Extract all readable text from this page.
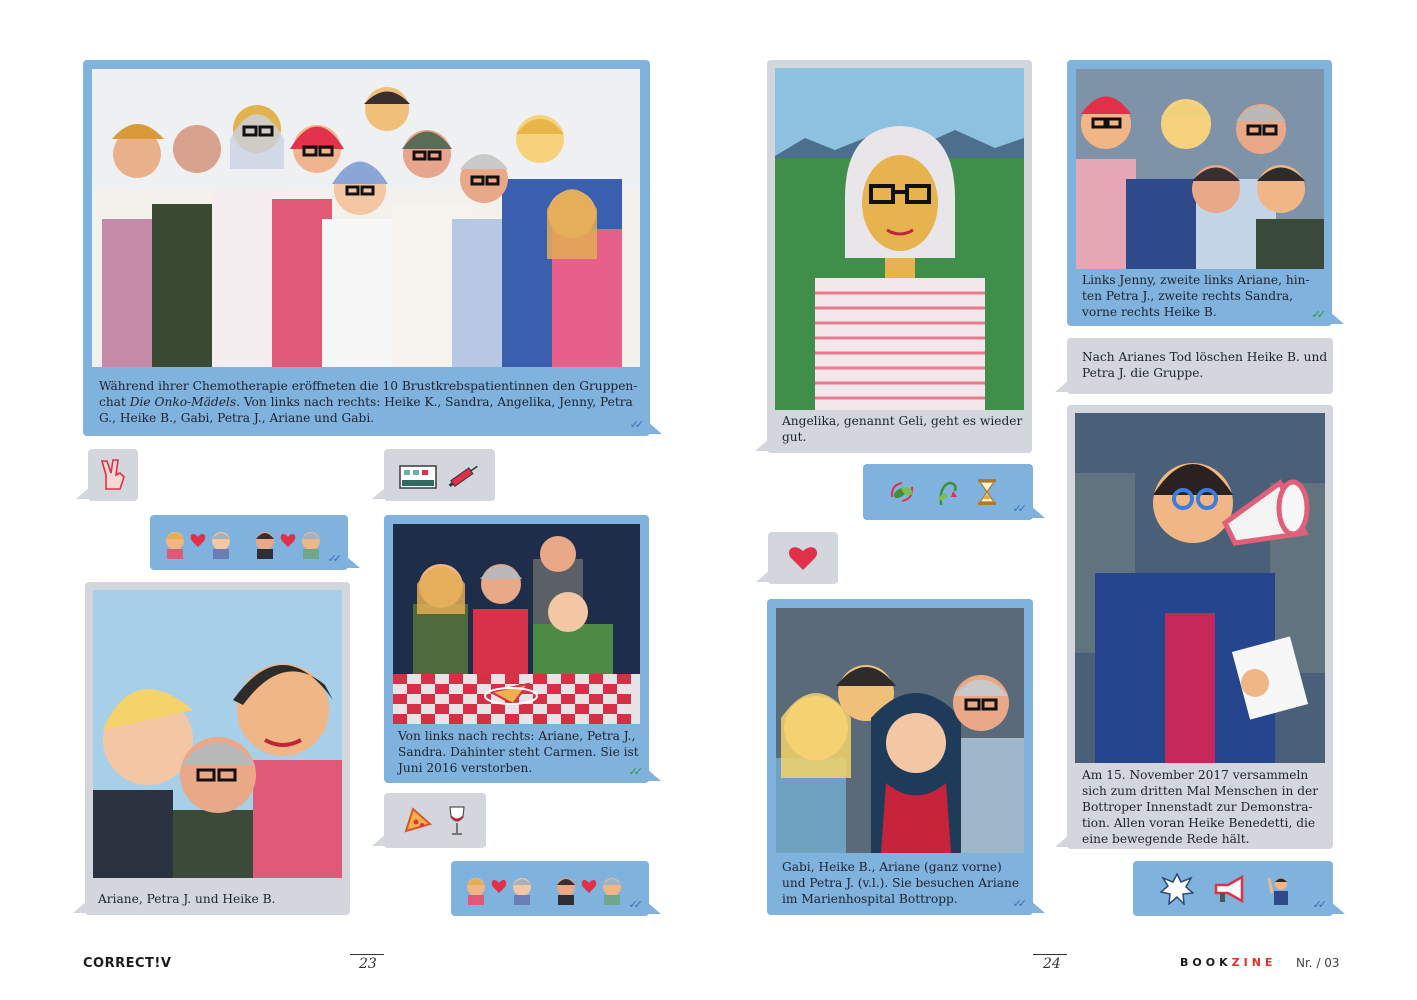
Während ihrer Chemotherapie eröffneten die 10 Brustkrebspatientinnen den Gruppen-
chat Die Onko-Mädels. Von links nach rechts: Heike K., Sandra, Angelika, Jenny, Petra
G., Heike B., Gabi, Petra J., Ariane und Gabi.	✓✓
✓✓
Ariane, Petra J. und Heike B.
Von links nach rechts: Ariane, Petra J.,
Sandra. Dahinter steht Carmen. Sie ist
Juni 2016 verstorben.	✓✓
✓✓
Angelika, genannt Geli, geht es wieder
gut.
✓✓
Gabi, Heike B., Ariane (ganz vorne)
und Petra J. (v.l.). Sie besuchen Ariane
im Marienhospital Bottropp.	✓✓
Links Jenny, zweite links Ariane, hin-
ten Petra J., zweite rechts Sandra,
vorne rechts Heike B.	✓✓
Nach Arianes Tod löschen Heike B. und
Petra J. die Gruppe.
Am 15. November 2017 versammeln
sich zum dritten Mal Menschen in der
Bottroper Innenstadt zur Demonstra-
tion. Allen voran Heike Benedetti, die
eine bewegende Rede hält.
✓✓
CORRECT!V	23	24	BOOKZINE Nr. / 03
